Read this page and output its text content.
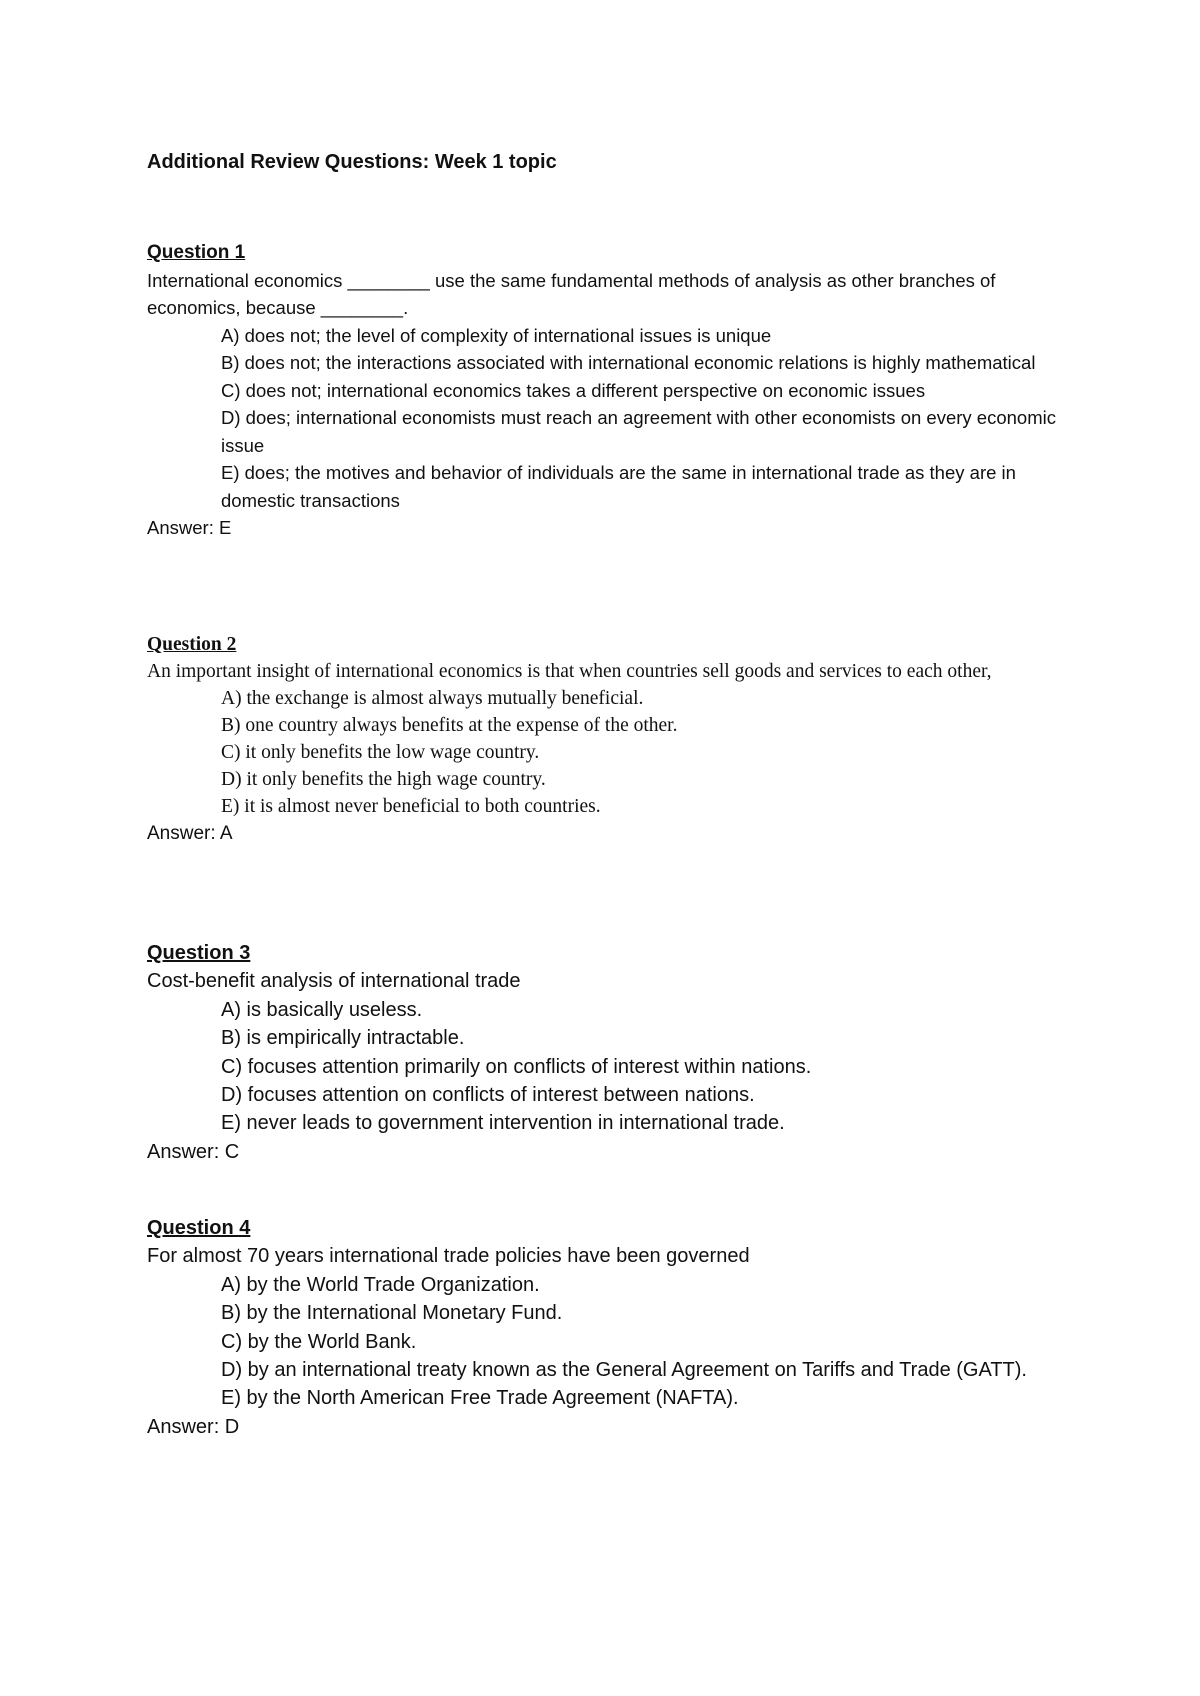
Additional Review Questions: Week 1 topic
Question 1

International economics ________ use the same fundamental methods of analysis as other branches of economics, because ________.

A) does not; the level of complexity of international issues is unique

B) does not; the interactions associated with international economic relations is highly mathematical

C) does not; international economics takes a different perspective on economic issues

D) does; international economists must reach an agreement with other economists on every economic issue

E) does; the motives and behavior of individuals are the same in international trade as they are in domestic transactions

Answer: E

Question 2

An important insight of international economics is that when countries sell goods and services to each other,

A) the exchange is almost always mutually beneficial.

B) one country always benefits at the expense of the other.

C) it only benefits the low wage country.

D) it only benefits the high wage country.

E) it is almost never beneficial to both countries.

Answer: A

Question 3

Cost-benefit analysis of international trade

A) is basically useless.

B) is empirically intractable.

C) focuses attention primarily on conflicts of interest within nations.

D) focuses attention on conflicts of interest between nations.

E) never leads to government intervention in international trade.

Answer: C

Question 4

For almost 70 years international trade policies have been governed

A) by the World Trade Organization.

B) by the International Monetary Fund.

C) by the World Bank.

D) by an international treaty known as the General Agreement on Tariffs and Trade (GATT).

E) by the North American Free Trade Agreement (NAFTA).

Answer: D
